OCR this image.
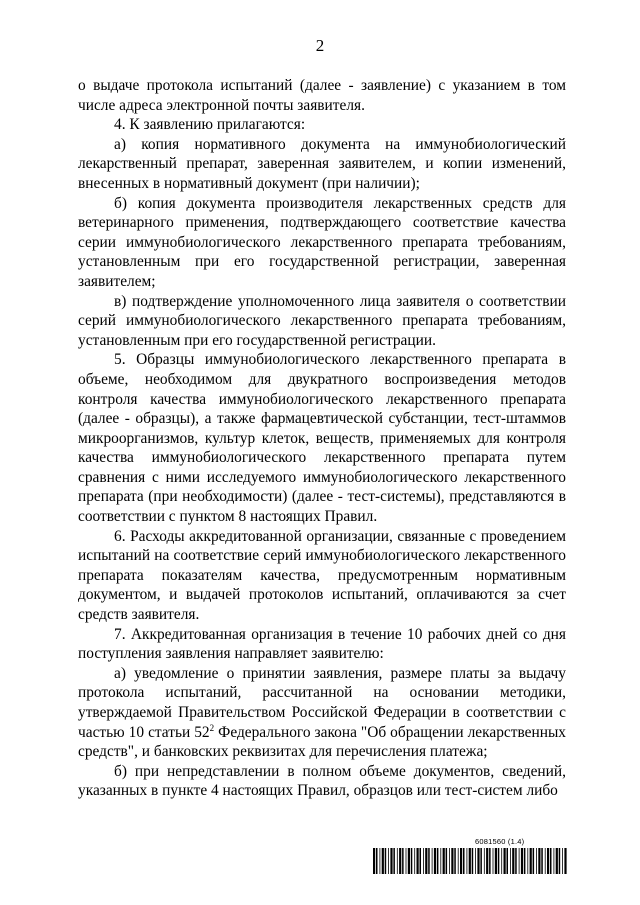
2

о выдаче протокола испытаний (далее - заявление) с указанием в том числе адреса электронной почты заявителя.

4. К заявлению прилагаются:

а) копия нормативного документа на иммунобиологический лекарственный препарат, заверенная заявителем, и копии изменений, внесенных в нормативный документ (при наличии);

б) копия документа производителя лекарственных средств для ветеринарного применения, подтверждающего соответствие качества серии иммунобиологического лекарственного препарата требованиям, установленным при его государственной регистрации, заверенная заявителем;

в) подтверждение уполномоченного лица заявителя о соответствии серий иммунобиологического лекарственного препарата требованиям, установленным при его государственной регистрации.

5. Образцы иммунобиологического лекарственного препарата в объеме, необходимом для двукратного воспроизведения методов контроля качества иммунобиологического лекарственного препарата (далее - образцы), а также фармацевтической субстанции, тест-штаммов микроорганизмов, культур клеток, веществ, применяемых для контроля качества иммунобиологического лекарственного препарата путем сравнения с ними исследуемого иммунобиологического лекарственного препарата (при необходимости) (далее - тест-системы), представляются в соответствии с пунктом 8 настоящих Правил.

6. Расходы аккредитованной организации, связанные с проведением испытаний на соответствие серий иммунобиологического лекарственного препарата показателям качества, предусмотренным нормативным документом, и выдачей протоколов испытаний, оплачиваются за счет средств заявителя.

7. Аккредитованная организация в течение 10 рабочих дней со дня поступления заявления направляет заявителю:

а) уведомление о принятии заявления, размере платы за выдачу протокола испытаний, рассчитанной на основании методики, утверждаемой Правительством Российской Федерации в соответствии с частью 10 статьи $52^2$ Федерального закона "Об обращении лекарственных средств", и банковских реквизитах для перечисления платежа;

б) при непредставлении в полном объеме документов, сведений, указанных в пункте 4 настоящих Правил, образцов или тест-систем либо

6081560 (1.4)
